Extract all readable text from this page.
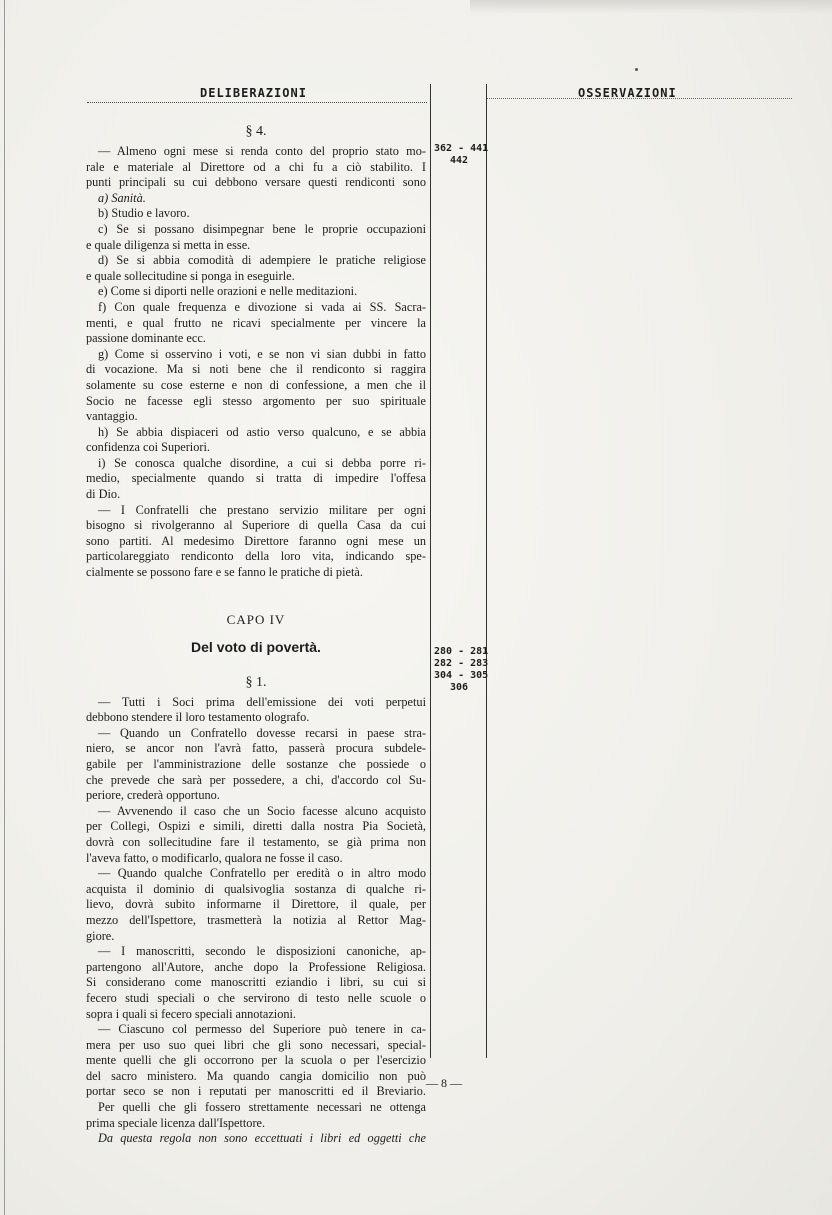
DELIBERAZIONI	OSSERVAZIONI
362 - 441
442
280 - 281
282 - 283
304 - 305
306
§ 4.
— Almeno ogni mese si renda conto del proprio stato mo-
rale e materiale al Direttore od a chi fu a ciò stabilito. I
punti principali su cui debbono versare questi rendiconti sono
a) Sanità.
b) Studio e lavoro.
c) Se si possano disimpegnar bene le proprie occupazioni
e quale diligenza si metta in esse.
d) Se si abbia comodità di adempiere le pratiche religiose
e quale sollecitudine si ponga in eseguirle.
e) Come si diporti nelle orazioni e nelle meditazioni.
f) Con quale frequenza e divozione si vada ai SS. Sacra-
menti, e qual frutto ne ricavi specialmente per vincere la
passione dominante ecc.
g) Come si osservino i voti, e se non vi sian dubbi in fatto
di vocazione. Ma si noti bene che il rendiconto si raggira
solamente su cose esterne e non di confessione, a men che il
Socio ne facesse egli stesso argomento per suo spirituale
vantaggio.
h) Se abbia dispiaceri od astio verso qualcuno, e se abbia
confidenza coi Superiori.
i) Se conosca qualche disordine, a cui si debba porre ri-
medio, specialmente quando si tratta di impedire l'offesa
di Dio.
— I Confratelli che prestano servizio militare per ogni
bisogno si rivolgeranno al Superiore di quella Casa da cui
sono partiti. Al medesimo Direttore faranno ogni mese un
particolareggiato rendiconto della loro vita, indicando spe-
cialmente se possono fare e se fanno le pratiche di pietà.
CAPO IV
Del voto di povertà.
§ 1.
— Tutti i Soci prima dell'emissione dei voti perpetui
debbono stendere il loro testamento olografo.
— Quando un Confratello dovesse recarsi in paese stra-
niero, se ancor non l'avrà fatto, passerà procura subdele-
gabile per l'amministrazione delle sostanze che possiede o
che prevede che sarà per possedere, a chi, d'accordo col Su-
periore, crederà opportuno.
— Avvenendo il caso che un Socio facesse alcuno acquisto
per Collegi, Ospizi e simili, diretti dalla nostra Pia Società,
dovrà con sollecitudine fare il testamento, se già prima non
l'aveva fatto, o modificarlo, qualora ne fosse il caso.
— Quando qualche Confratello per eredità o in altro modo
acquista il dominio di qualsivoglia sostanza di qualche ri-
lievo, dovrà subito informarne il Direttore, il quale, per
mezzo dell'Ispettore, trasmetterà la notizia al Rettor Mag-
giore.
— I manoscritti, secondo le disposizioni canoniche, ap-
partengono all'Autore, anche dopo la Professione Religiosa.
Si considerano come manoscritti eziandio i libri, su cui si
fecero studi speciali o che servirono di testo nelle scuole o
sopra i quali si fecero speciali annotazioni.
— Ciascuno col permesso del Superiore può tenere in ca-
mera per uso suo quei libri che gli sono necessari, special-
mente quelli che gli occorrono per la scuola o per l'esercizio
del sacro ministero. Ma quando cangia domicilio non può
portar seco se non i reputati per manoscritti ed il Breviario.
Per quelli che gli fossero strettamente necessari ne ottenga
prima speciale licenza dall'Ispettore.
Da questa regola non sono eccettuati i libri ed oggetti che
— 8 —
